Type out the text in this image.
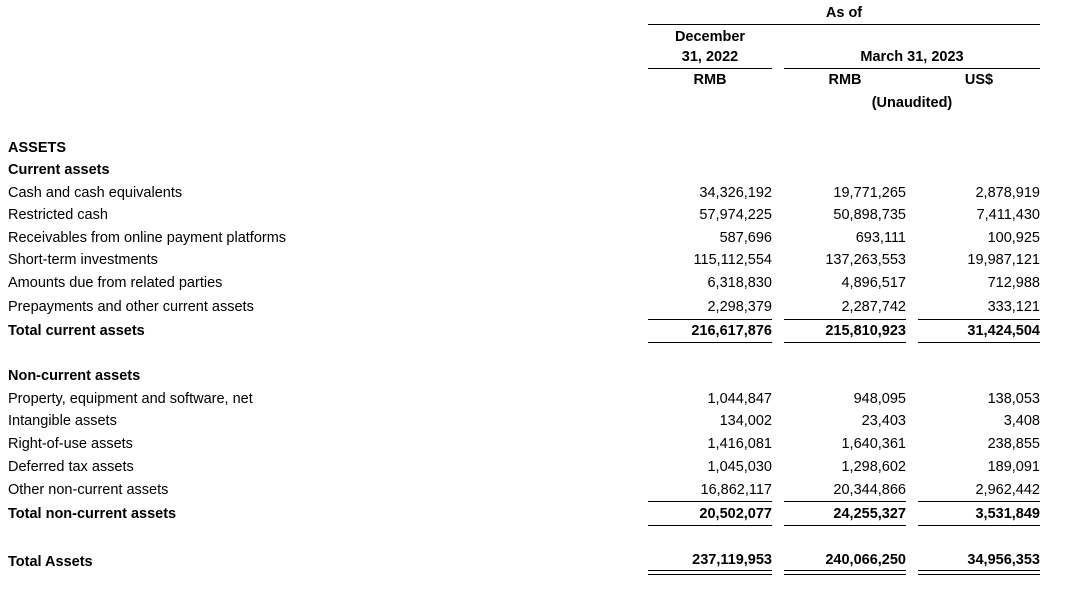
As of
December
31, 2022
RMB
March 31, 2023
RMB	US$
(Unaudited)
ASSETS
Current assets
Cash and cash equivalents	34,326,192	19,771,265	2,878,919
Restricted cash	57,974,225	50,898,735	7,411,430
Receivables from online payment platforms	587,696	693,111	100,925
Short-term investments	115,112,554	137,263,553	19,987,121
Amounts due from related parties	6,318,830	4,896,517	712,988
Prepayments and other current assets	2,298,379	2,287,742	333,121
Total current assets	216,617,876	215,810,923	31,424,504
Non-current assets
Property, equipment and software, net	1,044,847	948,095	138,053
Intangible assets	134,002	23,403	3,408
Right-of-use assets	1,416,081	1,640,361	238,855
Deferred tax assets	1,045,030	1,298,602	189,091
Other non-current assets	16,862,117	20,344,866	2,962,442
Total non-current assets	20,502,077	24,255,327	3,531,849
Total Assets	237,119,953	240,066,250	34,956,353
